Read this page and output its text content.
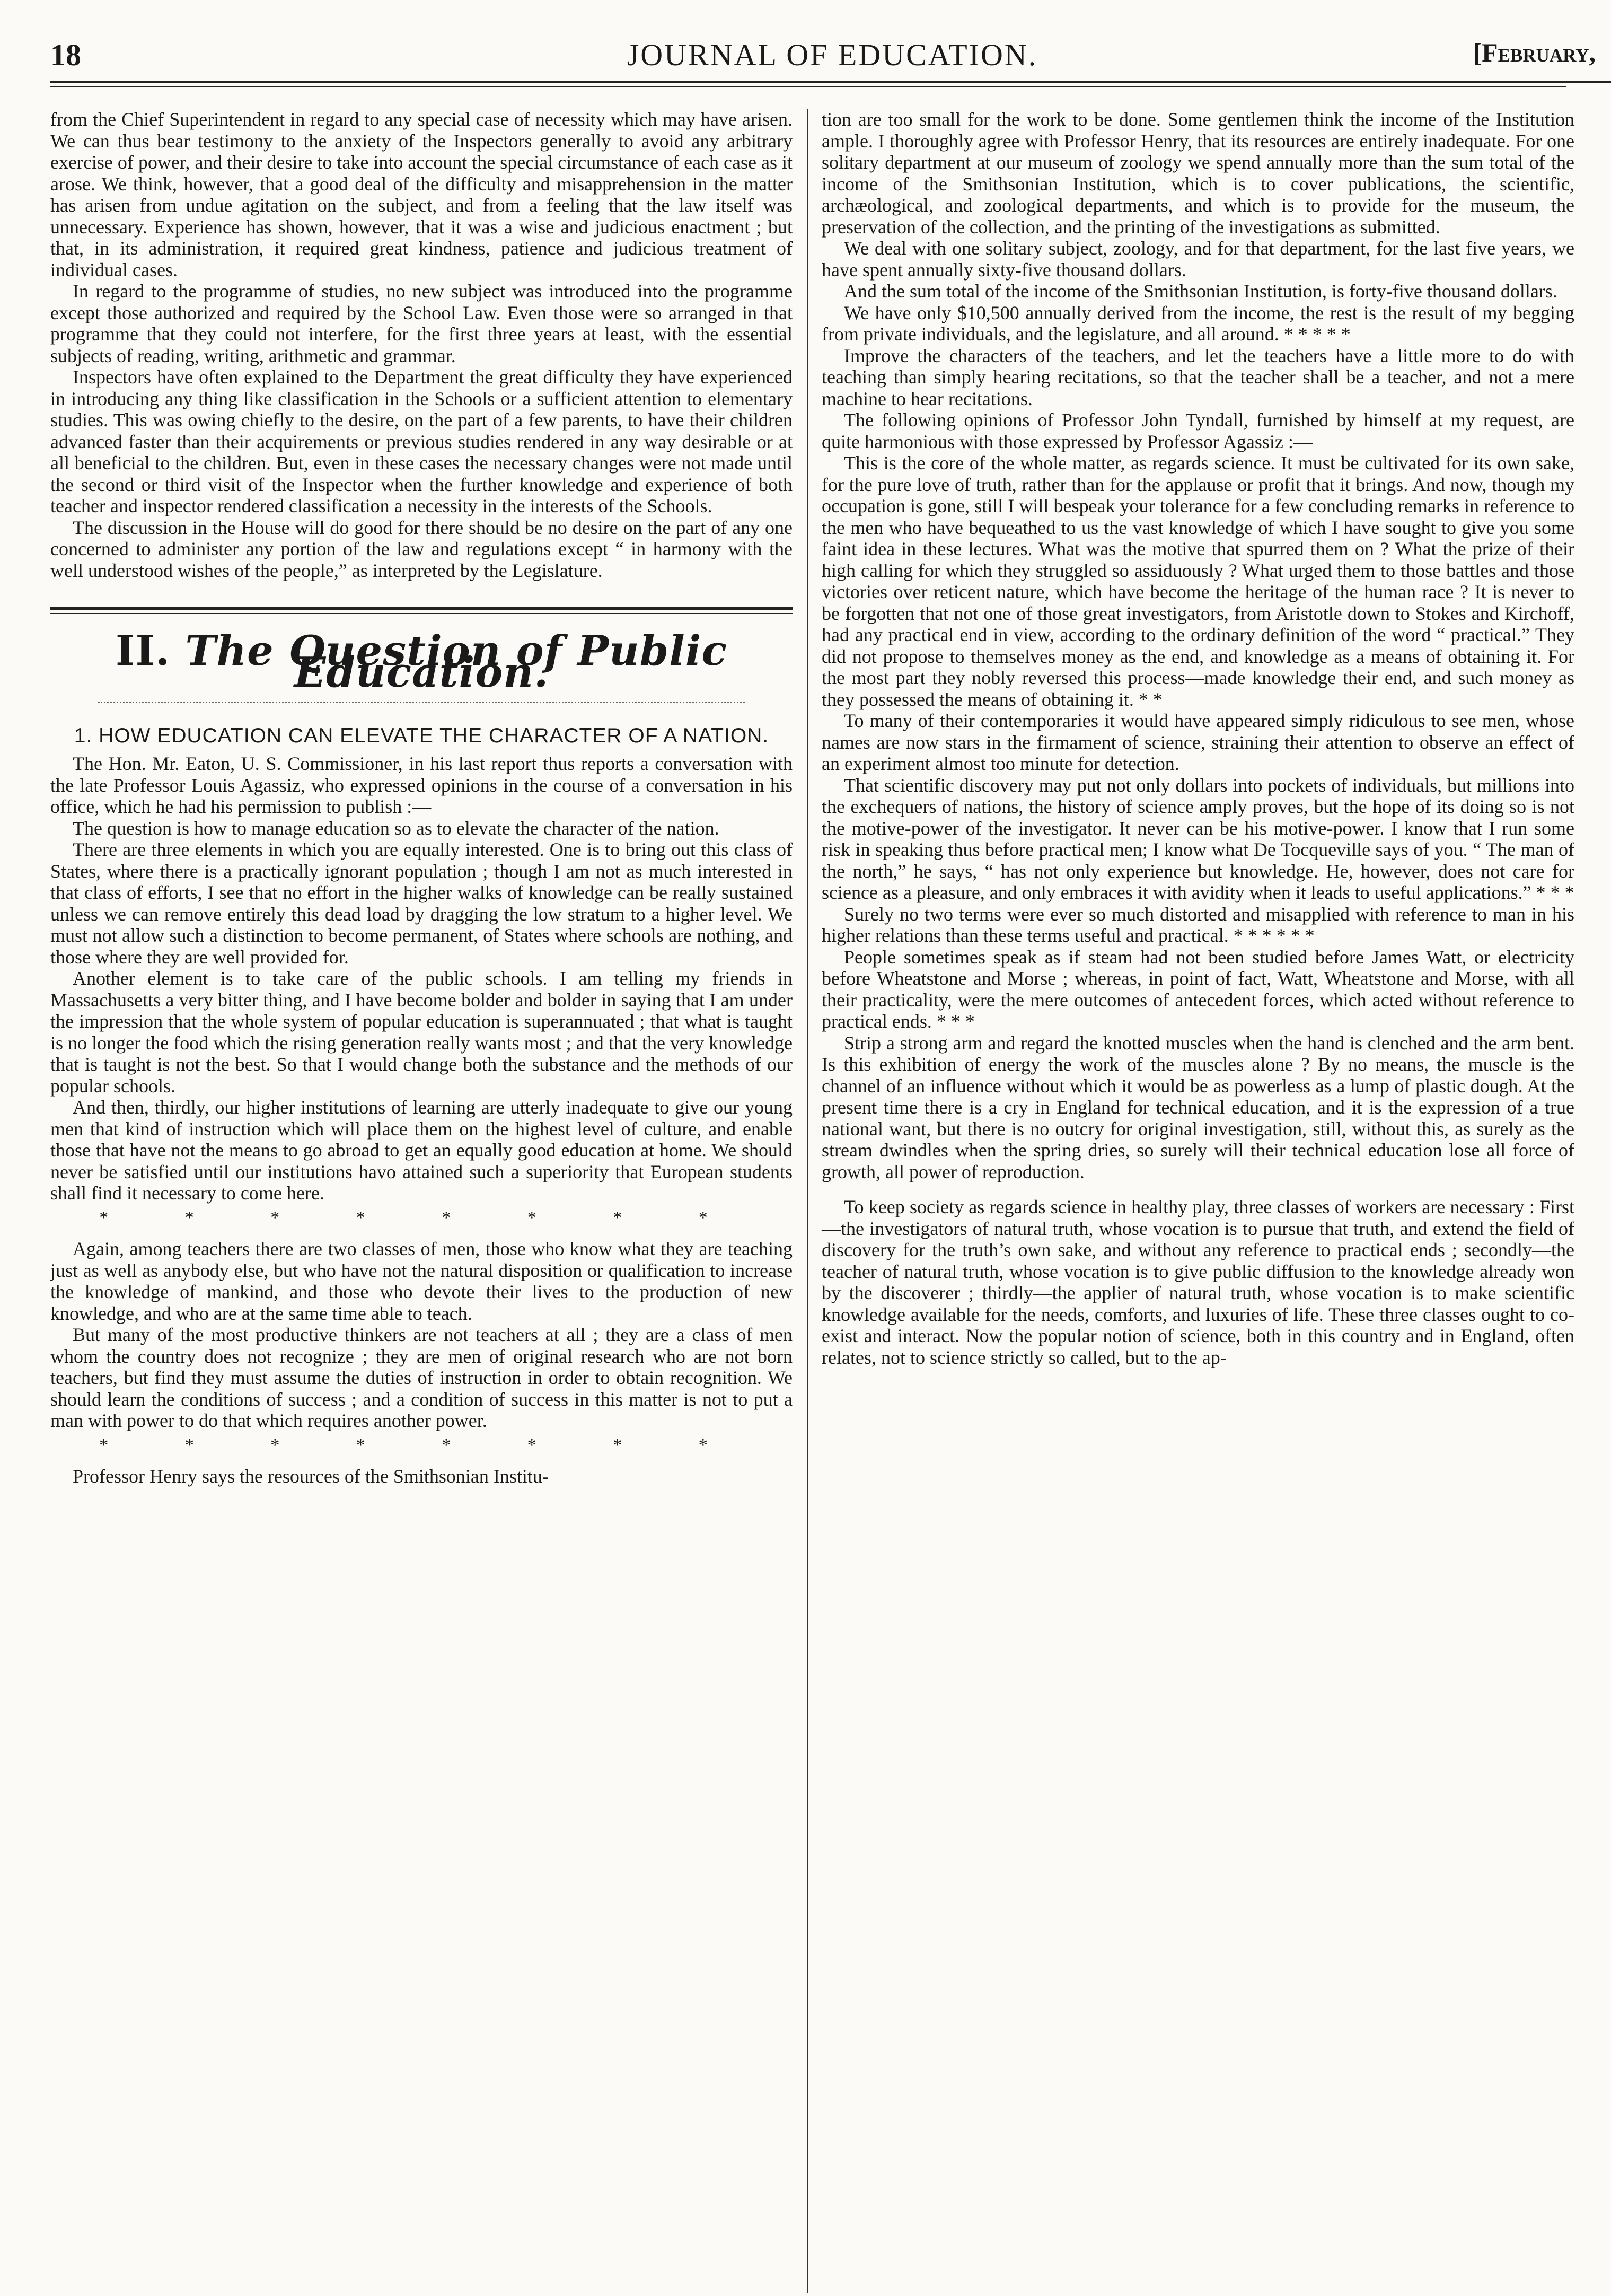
18	JOURNAL OF EDUCATION.	[February,

from the Chief Superintendent in regard to any special case of necessity which may have arisen. We can thus bear testimony to the anxiety of the Inspectors generally to avoid any arbitrary exercise of power, and their desire to take into account the special circumstance of each case as it arose. We think, however, that a good deal of the difficulty and misapprehension in the matter has arisen from undue agitation on the subject, and from a feeling that the law itself was unnecessary. Experience has shown, however, that it was a wise and judicious enactment ; but that, in its administration, it required great kindness, patience and judicious treatment of individual cases.

In regard to the programme of studies, no new subject was introduced into the programme except those authorized and required by the School Law. Even those were so arranged in that programme that they could not interfere, for the first three years at least, with the essential subjects of reading, writing, arithmetic and grammar.

Inspectors have often explained to the Department the great difficulty they have experienced in introducing any thing like classification in the Schools or a sufficient attention to elementary studies. This was owing chiefly to the desire, on the part of a few parents, to have their children advanced faster than their acquirements or previous studies rendered in any way desirable or at all beneficial to the children. But, even in these cases the necessary changes were not made until the second or third visit of the Inspector when the further knowledge and experience of both teacher and inspector rendered classification a necessity in the interests of the Schools.

The discussion in the House will do good for there should be no desire on the part of any one concerned to administer any portion of the law and regulations except “ in harmony with the well understood wishes of the people,” as interpreted by the Legislature.

II. The Question of Public Education.

1. HOW EDUCATION CAN ELEVATE THE CHARACTER OF A NATION.

The Hon. Mr. Eaton, U. S. Commissioner, in his last report thus reports a conversation with the late Professor Louis Agassiz, who expressed opinions in the course of a conversation in his office, which he had his permission to publish :—

The question is how to manage education so as to elevate the character of the nation.

There are three elements in which you are equally interested. One is to bring out this class of States, where there is a practically ignorant population ; though I am not as much interested in that class of efforts, I see that no effort in the higher walks of knowledge can be really sustained unless we can remove entirely this dead load by dragging the low stratum to a higher level. We must not allow such a distinction to become permanent, of States where schools are nothing, and those where they are well provided for.

Another element is to take care of the public schools. I am telling my friends in Massachusetts a very bitter thing, and I have become bolder and bolder in saying that I am under the impression that the whole system of popular education is superannuated ; that what is taught is no longer the food which the rising generation really wants most ; and that the very knowledge that is taught is not the best. So that I would change both the substance and the methods of our popular schools.

And then, thirdly, our higher institutions of learning are utterly inadequate to give our young men that kind of instruction which will place them on the highest level of culture, and enable those that have not the means to go abroad to get an equally good education at home. We should never be satisfied until our institutions havo attained such a superiority that European students shall find it necessary to come here.

* * * * * * * *

Again, among teachers there are two classes of men, those who know what they are teaching just as well as anybody else, but who have not the natural disposition or qualification to increase the knowledge of mankind, and those who devote their lives to the production of new knowledge, and who are at the same time able to teach.

But many of the most productive thinkers are not teachers at all ; they are a class of men whom the country does not recognize ; they are men of original research who are not born teachers, but find they must assume the duties of instruction in order to obtain recognition. We should learn the conditions of success ; and a condition of success in this matter is not to put a man with power to do that which requires another power.

* * * * * * * *

Professor Henry says the resources of the Smithsonian Institu-

tion are too small for the work to be done. Some gentlemen think the income of the Institution ample. I thoroughly agree with Professor Henry, that its resources are entirely inadequate. For one solitary department at our museum of zoology we spend annually more than the sum total of the income of the Smithsonian Institution, which is to cover publications, the scientific, archæological, and zoological departments, and which is to provide for the museum, the preservation of the collection, and the printing of the investigations as submitted.

We deal with one solitary subject, zoology, and for that department, for the last five years, we have spent annually sixty-five thousand dollars.

And the sum total of the income of the Smithsonian Institution, is forty-five thousand dollars.

We have only $10,500 annually derived from the income, the rest is the result of my begging from private individuals, and the legislature, and all around. * * * * *

Improve the characters of the teachers, and let the teachers have a little more to do with teaching than simply hearing recitations, so that the teacher shall be a teacher, and not a mere machine to hear recitations.

The following opinions of Professor John Tyndall, furnished by himself at my request, are quite harmonious with those expressed by Professor Agassiz :—

This is the core of the whole matter, as regards science. It must be cultivated for its own sake, for the pure love of truth, rather than for the applause or profit that it brings. And now, though my occupation is gone, still I will bespeak your tolerance for a few concluding remarks in reference to the men who have bequeathed to us the vast knowledge of which I have sought to give you some faint idea in these lectures. What was the motive that spurred them on ? What the prize of their high calling for which they struggled so assiduously ? What urged them to those battles and those victories over reticent nature, which have become the heritage of the human race ? It is never to be forgotten that not one of those great investigators, from Aristotle down to Stokes and Kirchoff, had any practical end in view, according to the ordinary definition of the word “ practical.” They did not propose to themselves money as the end, and knowledge as a means of obtaining it. For the most part they nobly reversed this process—made knowledge their end, and such money as they possessed the means of obtaining it. * *

To many of their contemporaries it would have appeared simply ridiculous to see men, whose names are now stars in the firmament of science, straining their attention to observe an effect of an experiment almost too minute for detection.

That scientific discovery may put not only dollars into pockets of individuals, but millions into the exchequers of nations, the history of science amply proves, but the hope of its doing so is not the motive-power of the investigator. It never can be his motive-power. I know that I run some risk in speaking thus before practical men; I know what De Tocqueville says of you. “ The man of the north,” he says, “ has not only experience but knowledge. He, however, does not care for science as a pleasure, and only embraces it with avidity when it leads to useful applications.” * * *

Surely no two terms were ever so much distorted and misapplied with reference to man in his higher relations than these terms useful and practical. * * * * * *

People sometimes speak as if steam had not been studied before James Watt, or electricity before Wheatstone and Morse ; whereas, in point of fact, Watt, Wheatstone and Morse, with all their practicality, were the mere outcomes of antecedent forces, which acted without reference to practical ends. * * *

Strip a strong arm and regard the knotted muscles when the hand is clenched and the arm bent. Is this exhibition of energy the work of the muscles alone ? By no means, the muscle is the channel of an influence without which it would be as powerless as a lump of plastic dough. At the present time there is a cry in England for technical education, and it is the expression of a true national want, but there is no outcry for original investigation, still, without this, as surely as the stream dwindles when the spring dries, so surely will their technical education lose all force of growth, all power of reproduction.

To keep society as regards science in healthy play, three classes of workers are necessary : First—the investigators of natural truth, whose vocation is to pursue that truth, and extend the field of discovery for the truth’s own sake, and without any reference to practical ends ; secondly—the teacher of natural truth, whose vocation is to give public diffusion to the knowledge already won by the discoverer ; thirdly—the applier of natural truth, whose vocation is to make scientific knowledge available for the needs, comforts, and luxuries of life. These three classes ought to co-exist and interact. Now the popular notion of science, both in this country and in England, often relates, not to science strictly so called, but to the ap-
